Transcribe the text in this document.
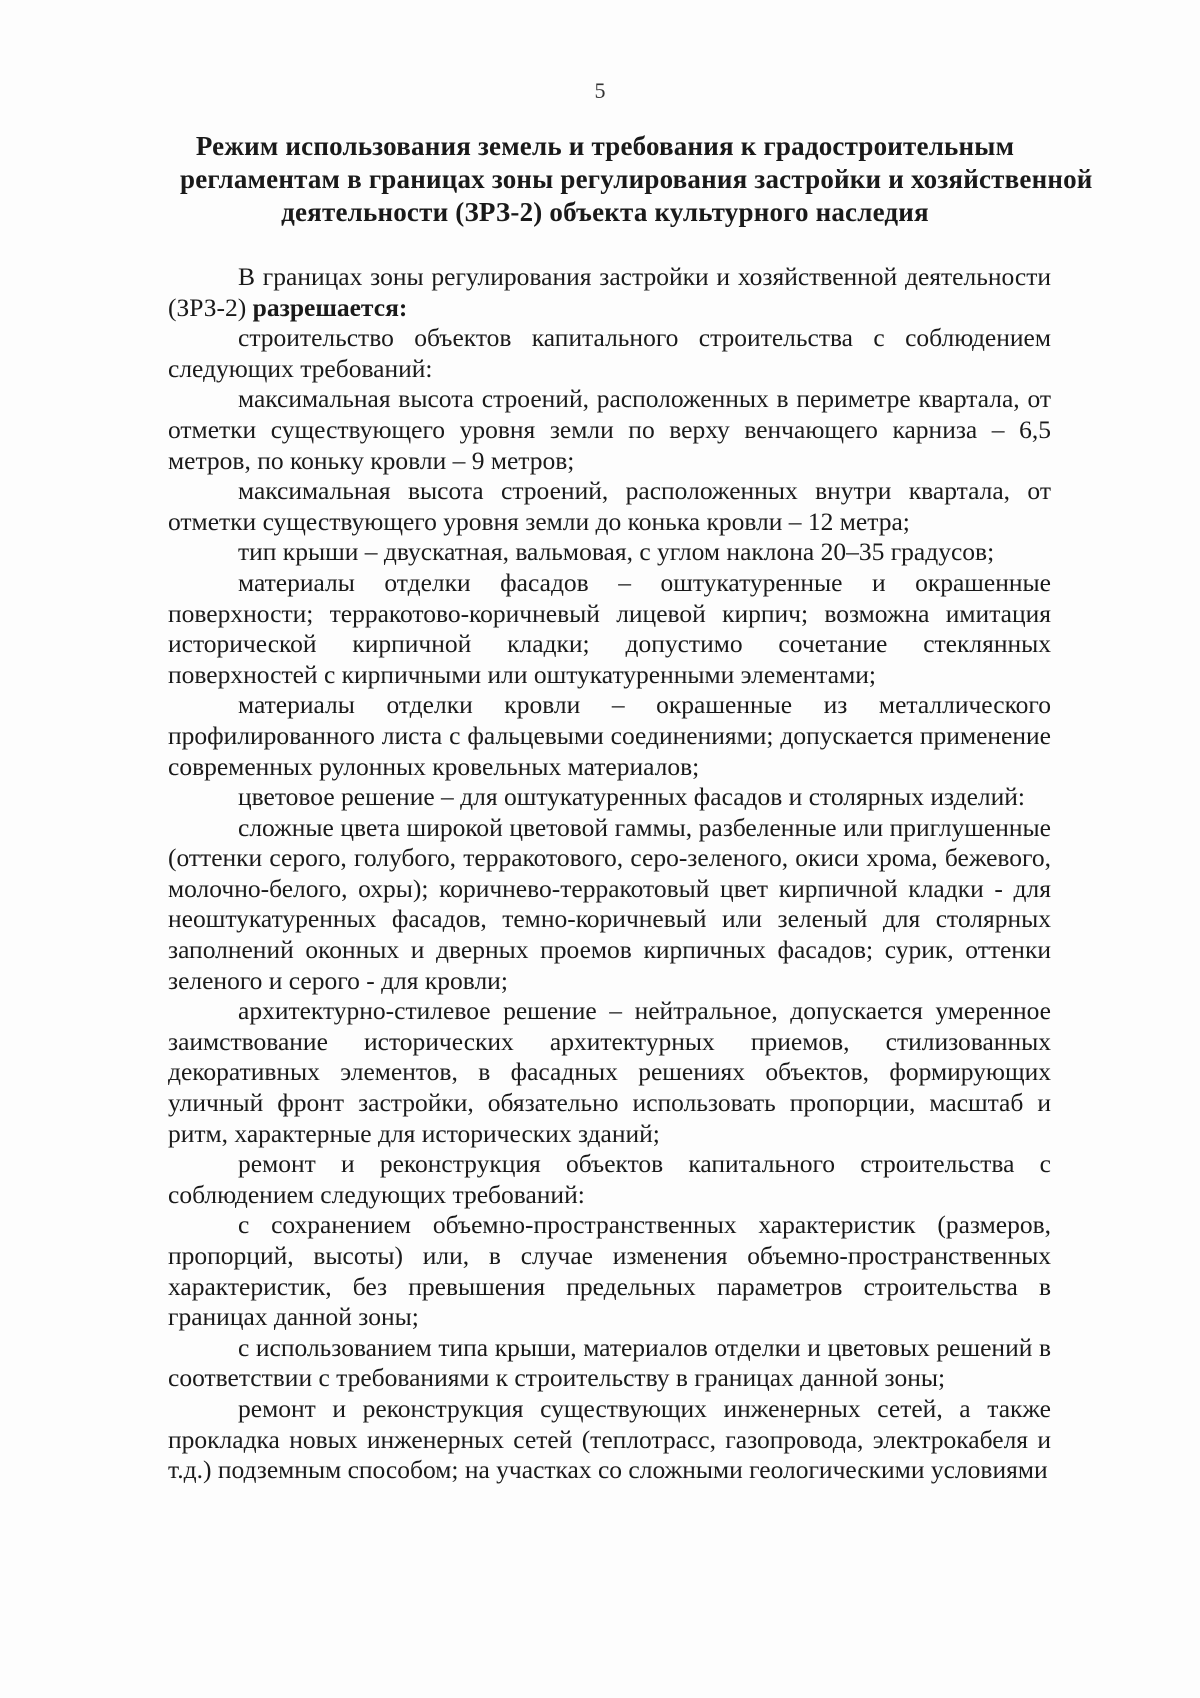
5
Режим использования земель и требования к градостроительным
регламентам в границах зоны регулирования застройки и хозяйственной
деятельности (ЗРЗ-2) объекта культурного наследия

В границах зоны регулирования застройки и хозяйственной деятельности (ЗРЗ-2) разрешается:

строительство объектов капитального строительства с соблюдением следующих требований:

максимальная высота строений, расположенных в периметре квартала, от отметки существующего уровня земли по верху венчающего карниза – 6,5 метров, по коньку кровли – 9 метров;

максимальная высота строений, расположенных внутри квартала, от отметки существующего уровня земли до конька кровли – 12 метра;

тип крыши – двускатная, вальмовая, с углом наклона 20–35 градусов;

материалы отделки фасадов – оштукатуренные и окрашенные поверхности; терракотово-коричневый лицевой кирпич; возможна имитация исторической кирпичной кладки; допустимо сочетание стеклянных поверхностей с кирпичными или оштукатуренными элементами;

материалы отделки кровли – окрашенные из металлического профилированного листа с фальцевыми соединениями; допускается применение современных рулонных кровельных материалов;

цветовое решение – для оштукатуренных фасадов и столярных изделий:

сложные цвета широкой цветовой гаммы, разбеленные или приглушенные (оттенки серого, голубого, терракотового, серо-зеленого, окиси хрома, бежевого, молочно-белого, охры); коричнево-терракотовый цвет кирпичной кладки - для неоштукатуренных фасадов, темно-коричневый или зеленый для столярных заполнений оконных и дверных проемов кирпичных фасадов; сурик, оттенки зеленого и серого - для кровли;

архитектурно-стилевое решение – нейтральное, допускается умеренное заимствование исторических архитектурных приемов, стилизованных декоративных элементов, в фасадных решениях объектов, формирующих уличный фронт застройки, обязательно использовать пропорции, масштаб и ритм, характерные для исторических зданий;

ремонт и реконструкция объектов капитального строительства с соблюдением следующих требований:

с сохранением объемно-пространственных характеристик (размеров, пропорций, высоты) или, в случае изменения объемно-пространственных характеристик, без превышения предельных параметров строительства в границах данной зоны;

с использованием типа крыши, материалов отделки и цветовых решений в соответствии с требованиями к строительству в границах данной зоны;

ремонт и реконструкция существующих инженерных сетей, а также прокладка новых инженерных сетей (теплотрасс, газопровода, электрокабеля и т.д.) подземным способом; на участках со сложными геологическими условиями
